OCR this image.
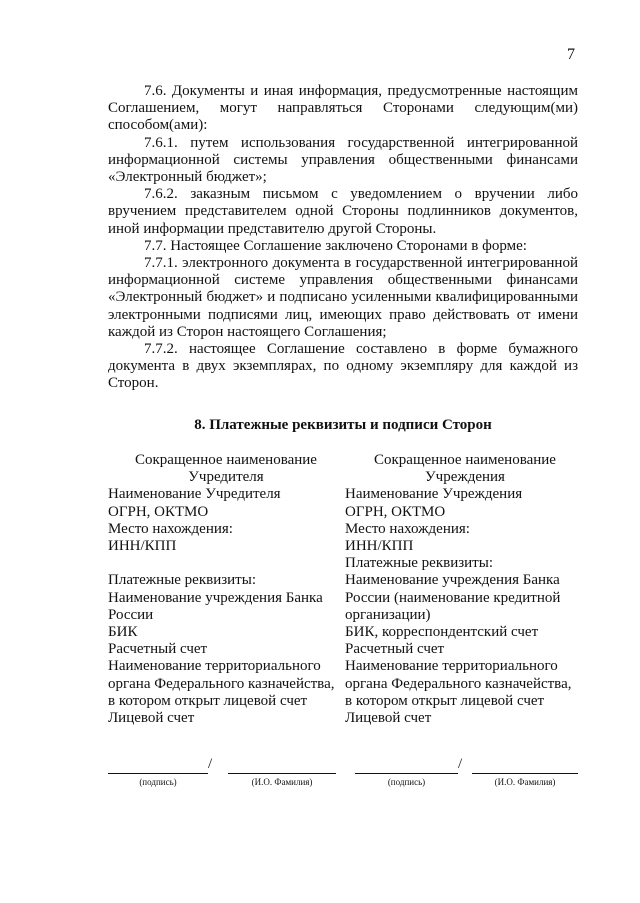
7

7.6. Документы и иная информация, предусмотренные настоящим Соглашением, могут направляться Сторонами следующим(ми) способом(ами):

7.6.1. путем использования государственной интегрированной информационной системы управления общественными финансами «Электронный бюджет»;

7.6.2. заказным письмом с уведомлением о вручении либо вручением представителем одной Стороны подлинников документов, иной информации представителю другой Стороны.

7.7. Настоящее Соглашение заключено Сторонами в форме:

7.7.1. электронного документа в государственной интегрированной информационной системе управления общественными финансами «Электронный бюджет» и подписано усиленными квалифицированными электронными подписями лиц, имеющих право действовать от имени каждой из Сторон настоящего Соглашения;

7.7.2. настоящее Соглашение составлено в форме бумажного документа в двух экземплярах, по одному экземпляру для каждой из Сторон.

8. Платежные реквизиты и подписи Сторон
Сокращенное наименование Учредителя
Наименование Учредителя
ОГРН, ОКТМО
Место нахождения:
ИНН/КПП
Платежные реквизиты:
Наименование учреждения Банка
России
БИК
Расчетный счет
Наименование территориального
органа Федерального казначейства,
в котором открыт лицевой счет
Лицевой счет
Сокращенное наименование Учреждения
Наименование Учреждения
ОГРН, ОКТМО
Место нахождения:
ИНН/КПП
Платежные реквизиты:
Наименование учреждения Банка
России (наименование кредитной
организации)
БИК, корреспондентский счет
Расчетный счет
Наименование территориального
органа Федерального казначейства,
в котором открыт лицевой счет
Лицевой счет
(подпись)
/
(И.О. Фамилия)	(подпись)
/
(И.О. Фамилия)
